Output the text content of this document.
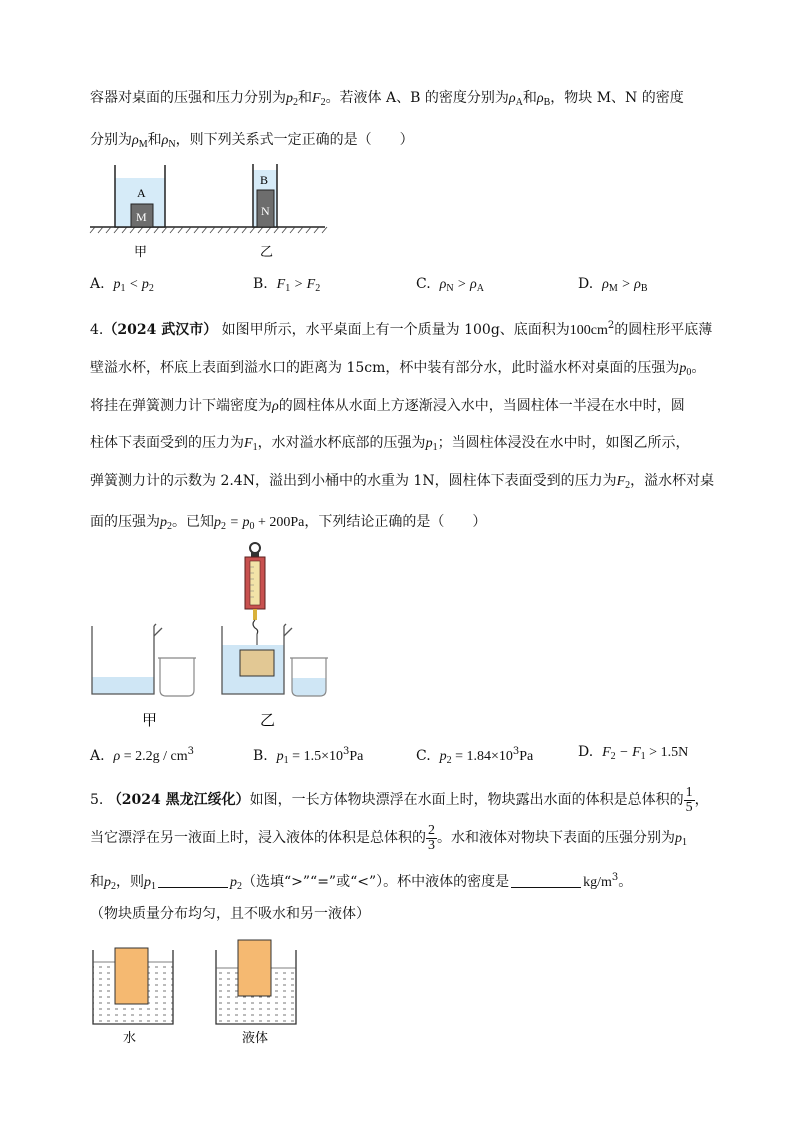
容器对桌面的压强和压力分别为$p_2$和$F_2$。若液体 A、B 的密度分别为$\rho_A$和$\rho_B$，物块 M、N 的密度
分别为$\rho_M$和$\rho_N$，则下列关系式一定正确的是（　　）
A
M
B
N
甲	乙
A. $p_1 < p_2$	B. $F_1 > F_2$	C. $\rho_N > \rho_A$	D. $\rho_M > \rho_B$
4.（2024 武汉市） 如图甲所示，水平桌面上有一个质量为 100g、底面积为$100cm^2$的圆柱形平底薄
壁溢水杯，杯底上表面到溢水口的距离为 15cm，杯中装有部分水，此时溢水杯对桌面的压强为$p_0$。
将挂在弹簧测力计下端密度为ρ的圆柱体从水面上方逐渐浸入水中，当圆柱体一半浸在水中时，圆
柱体下表面受到的压力为$F_1$，水对溢水杯底部的压强为$p_1$；当圆柱体浸没在水中时，如图乙所示，
弹簧测力计的示数为 2.4N，溢出到小桶中的水重为 1N，圆柱体下表面受到的压力为$F_2$，溢水杯对桌
面的压强为$p_2$。已知$p_2 = p_0 + 200Pa$，下列结论正确的是（　　）
甲	乙
A. $\rho = 2.2g / cm^3$	B. $p_1 = 1.5\times 10^3Pa$	C. $p_2 = 1.84\times 10^3Pa$	D. $F_2 - F_1 > 1.5N$
5. （2024 黑龙江绥化）如图，一长方体物块漂浮在水面上时，物块露出水面的体积是总体积的 $\frac{1}{5}$ ，
当它漂浮在另一液面上时，浸入液体的体积是总体积的 $\frac{2}{3}$ 。水和液体对物块下表面的压强分别为$p_1$
和$p_2$，则$p_1$	$p_2$（选填“>”“=”或“<”）。杯中液体的密度是	$kg/m^3$。
（物块质量分布均匀，且不吸水和另一液体）
水	液体
